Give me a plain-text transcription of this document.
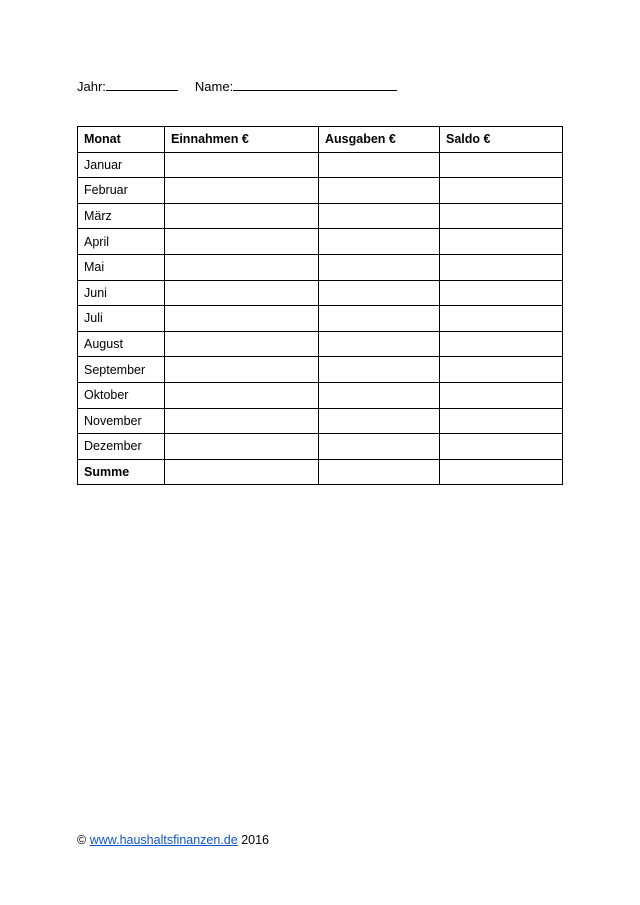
Jahr:	Name:
Monat	Einnahmen €	Ausgaben €	Saldo €
Januar			
Februar			
März			
April			
Mai			
Juni			
Juli			
August			
September			
Oktober			
November			
Dezember			
Summe			
© www.haushaltsfinanzen.de 2016
